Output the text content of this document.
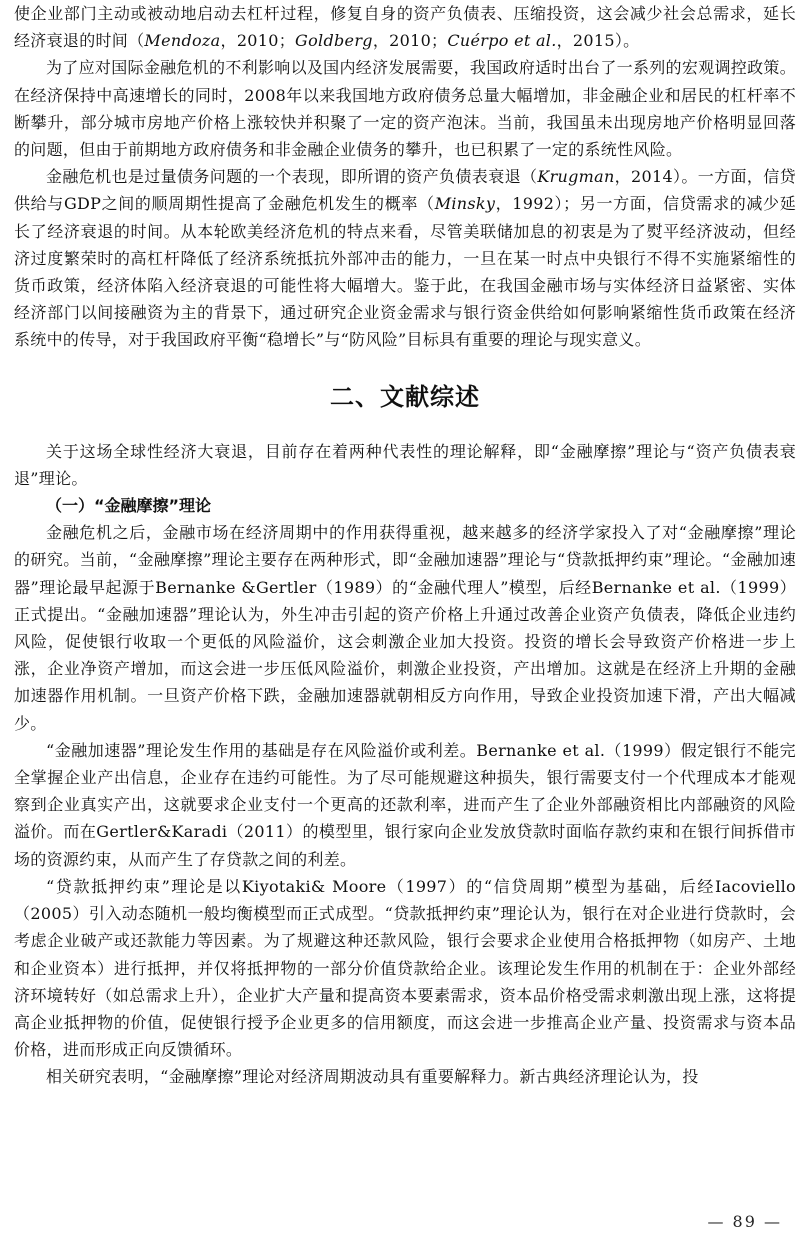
使企业部门主动或被动地启动去杠杆过程，修复自身的资产负债表、压缩投资，这会减少社会总需求，延长经济衰退的时间（Mendoza，2010；Goldberg，2010；Cuérpo et al.，2015）。

为了应对国际金融危机的不利影响以及国内经济发展需要，我国政府适时出台了一系列的宏观调控政策。在经济保持中高速增长的同时，2008年以来我国地方政府债务总量大幅增加，非金融企业和居民的杠杆率不断攀升，部分城市房地产价格上涨较快并积聚了一定的资产泡沫。当前，我国虽未出现房地产价格明显回落的问题，但由于前期地方政府债务和非金融企业债务的攀升，也已积累了一定的系统性风险。

金融危机也是过量债务问题的一个表现，即所谓的资产负债表衰退（Krugman，2014）。一方面，信贷供给与GDP之间的顺周期性提高了金融危机发生的概率（Minsky，1992）；另一方面，信贷需求的减少延长了经济衰退的时间。从本轮欧美经济危机的特点来看，尽管美联储加息的初衷是为了熨平经济波动，但经济过度繁荣时的高杠杆降低了经济系统抵抗外部冲击的能力，一旦在某一时点中央银行不得不实施紧缩性的货币政策，经济体陷入经济衰退的可能性将大幅增大。鉴于此，在我国金融市场与实体经济日益紧密、实体经济部门以间接融资为主的背景下，通过研究企业资金需求与银行资金供给如何影响紧缩性货币政策在经济系统中的传导，对于我国政府平衡“稳增长”与“防风险”目标具有重要的理论与现实意义。

二、文献综述

关于这场全球性经济大衰退，目前存在着两种代表性的理论解释，即“金融摩擦”理论与“资产负债表衰退”理论。

（一）“金融摩擦”理论

金融危机之后，金融市场在经济周期中的作用获得重视，越来越多的经济学家投入了对“金融摩擦”理论的研究。当前，“金融摩擦”理论主要存在两种形式，即“金融加速器”理论与“贷款抵押约束”理论。“金融加速器”理论最早起源于Bernanke &Gertler（1989）的“金融代理人”模型，后经Bernanke et al.（1999）正式提出。“金融加速器”理论认为，外生冲击引起的资产价格上升通过改善企业资产负债表，降低企业违约风险，促使银行收取一个更低的风险溢价，这会刺激企业加大投资。投资的增长会导致资产价格进一步上涨，企业净资产增加，而这会进一步压低风险溢价，刺激企业投资，产出增加。这就是在经济上升期的金融加速器作用机制。一旦资产价格下跌，金融加速器就朝相反方向作用，导致企业投资加速下滑，产出大幅减少。

“金融加速器”理论发生作用的基础是存在风险溢价或利差。Bernanke et al.（1999）假定银行不能完全掌握企业产出信息，企业存在违约可能性。为了尽可能规避这种损失，银行需要支付一个代理成本才能观察到企业真实产出，这就要求企业支付一个更高的还款利率，进而产生了企业外部融资相比内部融资的风险溢价。而在Gertler&Karadi（2011）的模型里，银行家向企业发放贷款时面临存款约束和在银行间拆借市场的资源约束，从而产生了存贷款之间的利差。

“贷款抵押约束”理论是以Kiyotaki& Moore（1997）的“信贷周期”模型为基础，后经Iacoviello（2005）引入动态随机一般均衡模型而正式成型。“贷款抵押约束”理论认为，银行在对企业进行贷款时，会考虑企业破产或还款能力等因素。为了规避这种还款风险，银行会要求企业使用合格抵押物（如房产、土地和企业资本）进行抵押，并仅将抵押物的一部分价值贷款给企业。该理论发生作用的机制在于：企业外部经济环境转好（如总需求上升），企业扩大产量和提高资本要素需求，资本品价格受需求刺激出现上涨，这将提高企业抵押物的价值，促使银行授予企业更多的信用额度，而这会进一步推高企业产量、投资需求与资本品价格，进而形成正向反馈循环。

相关研究表明，“金融摩擦”理论对经济周期波动具有重要解释力。新古典经济理论认为，投

— 89 —
